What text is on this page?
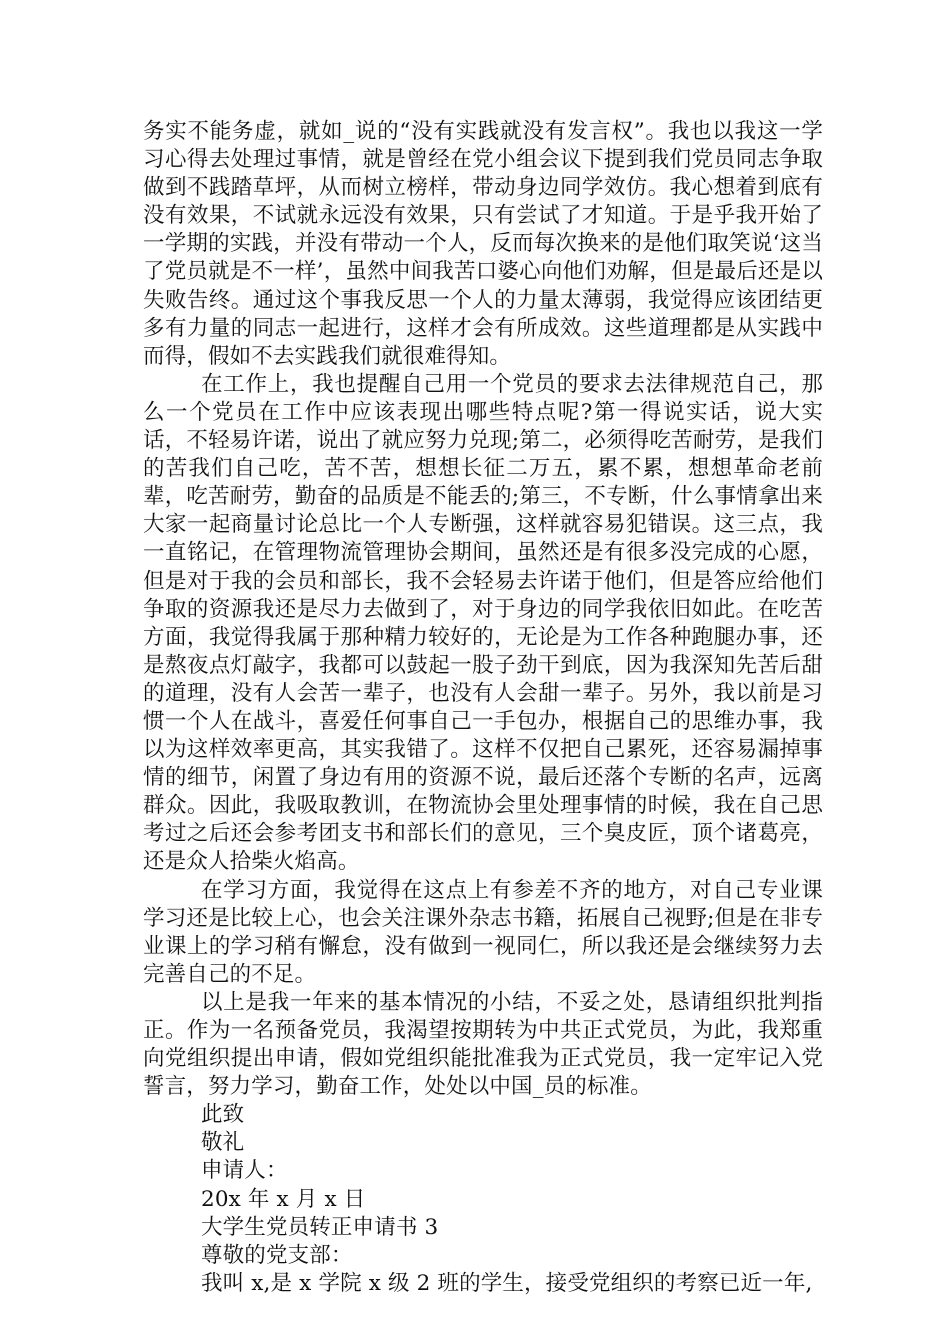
务实不能务虚，就如_说的“没有实践就没有发言权”。我也以我这一学习心得去处理过事情，就是曾经在党小组会议下提到我们党员同志争取做到不践踏草坪，从而树立榜样，带动身边同学效仿。我心想着到底有没有效果，不试就永远没有效果，只有尝试了才知道。于是乎我开始了一学期的实践，并没有带动一个人，反而每次换来的是他们取笑说‘这当了党员就是不一样’，虽然中间我苦口婆心向他们劝解，但是最后还是以失败告终。通过这个事我反思一个人的力量太薄弱，我觉得应该团结更多有力量的同志一起进行，这样才会有所成效。这些道理都是从实践中而得，假如不去实践我们就很难得知。

在工作上，我也提醒自己用一个党员的要求去法律规范自己，那么一个党员在工作中应该表现出哪些特点呢?第一得说实话，说大实话，不轻易许诺，说出了就应努力兑现;第二，必须得吃苦耐劳，是我们的苦我们自己吃，苦不苦，想想长征二万五，累不累，想想革命老前辈，吃苦耐劳，勤奋的品质是不能丢的;第三，不专断，什么事情拿出来大家一起商量讨论总比一个人专断强，这样就容易犯错误。这三点，我一直铭记，在管理物流管理协会期间，虽然还是有很多没完成的心愿，但是对于我的会员和部长，我不会轻易去许诺于他们，但是答应给他们争取的资源我还是尽力去做到了，对于身边的同学我依旧如此。在吃苦方面，我觉得我属于那种精力较好的，无论是为工作各种跑腿办事，还是熬夜点灯敲字，我都可以鼓起一股子劲干到底，因为我深知先苦后甜的道理，没有人会苦一辈子，也没有人会甜一辈子。另外，我以前是习惯一个人在战斗，喜爱任何事自己一手包办，根据自己的思维办事，我以为这样效率更高，其实我错了。这样不仅把自己累死，还容易漏掉事情的细节，闲置了身边有用的资源不说，最后还落个专断的名声，远离群众。因此，我吸取教训，在物流协会里处理事情的时候，我在自己思考过之后还会参考团支书和部长们的意见，三个臭皮匠，顶个诸葛亮，还是众人拾柴火焰高。

在学习方面，我觉得在这点上有参差不齐的地方，对自己专业课学习还是比较上心，也会关注课外杂志书籍，拓展自己视野;但是在非专业课上的学习稍有懈怠，没有做到一视同仁，所以我还是会继续努力去完善自己的不足。

以上是我一年来的基本情况的小结，不妥之处，恳请组织批判指正。作为一名预备党员，我渴望按期转为中共正式党员，为此，我郑重向党组织提出申请，假如党组织能批准我为正式党员，我一定牢记入党誓言，努力学习，勤奋工作，处处以中国_员的标准。

此致

敬礼

申请人：

20x 年 x 月 x 日

大学生党员转正申请书 3

尊敬的党支部：

我叫 x,是 x 学院 x 级 2 班的学生，接受党组织的考察已近一年,
